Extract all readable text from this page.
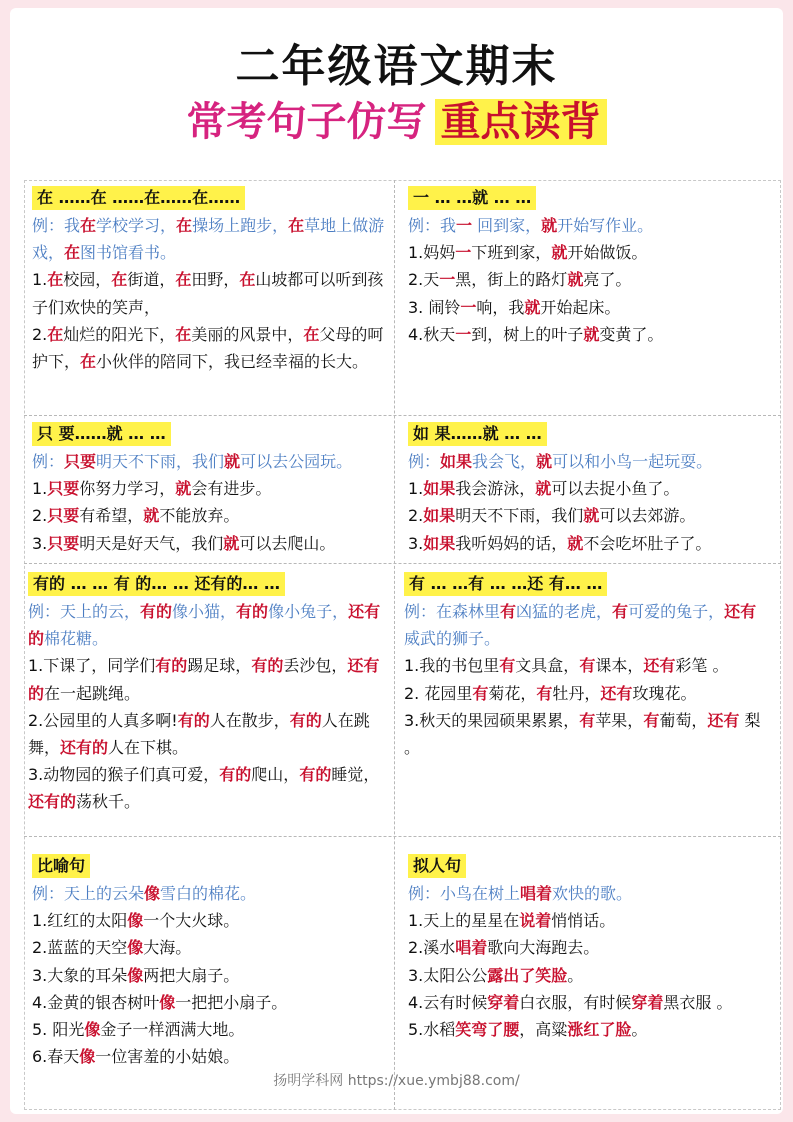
二年级语文期末
常考句子仿写 重点读背
在 ……在 ……在……在……
例：我在学校学习，在操场上跑步，在草地上做游戏，在图书馆看书。
1.在校园，在街道，在田野，在山坡都可以听到孩子们欢快的笑声，
2.在灿烂的阳光下，在美丽的风景中，在父母的呵护下，在小伙伴的陪同下，我已经幸福的长大。
一 … …就 … …
例：我一 回到家，就开始写作业。
1.妈妈一下班到家，就开始做饭。
2.天一黑，街上的路灯就亮了。
3. 闹铃一响，我就开始起床。
4.秋天一到，树上的叶子就变黄了。
只 要……就 … …
例：只要明天不下雨，我们就可以去公园玩。
1.只要你努力学习，就会有进步。
2.只要有希望，就不能放弃。
3.只要明天是好天气，我们就可以去爬山。
如 果……就 … …
例：如果我会飞，就可以和小鸟一起玩耍。
1.如果我会游泳，就可以去捉小鱼了。
2.如果明天不下雨，我们就可以去郊游。
3.如果我听妈妈的话，就不会吃坏肚子了。
有的 … … 有 的… … 还有的… …
例：天上的云，有的像小猫，有的像小兔子，还有的棉花糖。
1.下课了，同学们有的踢足球，有的丢沙包，还有的在一起跳绳。
2.公园里的人真多啊!有的人在散步，有的人在跳舞，还有的人在下棋。
3.动物园的猴子们真可爱，有的爬山，有的睡觉，还有的荡秋千。
有 … …有 … …还 有… …
例：在森林里有凶猛的老虎，有可爱的兔子，还有威武的狮子。
1.我的书包里有文具盒，有课本，还有彩笔 。
2. 花园里有菊花，有牡丹，还有玫瑰花。
3.秋天的果园硕果累累，有苹果，有葡萄，还有 梨 。
比喻句
例：天上的云朵像雪白的棉花。
1.红红的太阳像一个大火球。
2.蓝蓝的天空像大海。
3.大象的耳朵像两把大扇子。
4.金黄的银杏树叶像一把把小扇子。
5. 阳光像金子一样洒满大地。
6.春天像一位害羞的小姑娘。
拟人句
例：小鸟在树上唱着欢快的歌。
1.天上的星星在说着悄悄话。
2.溪水唱着歌向大海跑去。
3.太阳公公露出了笑脸。
4.云有时候穿着白衣服，有时候穿着黑衣服 。
5.水稻笑弯了腰，高粱涨红了脸。
扬明学科网 https://xue.ymbj88.com/
